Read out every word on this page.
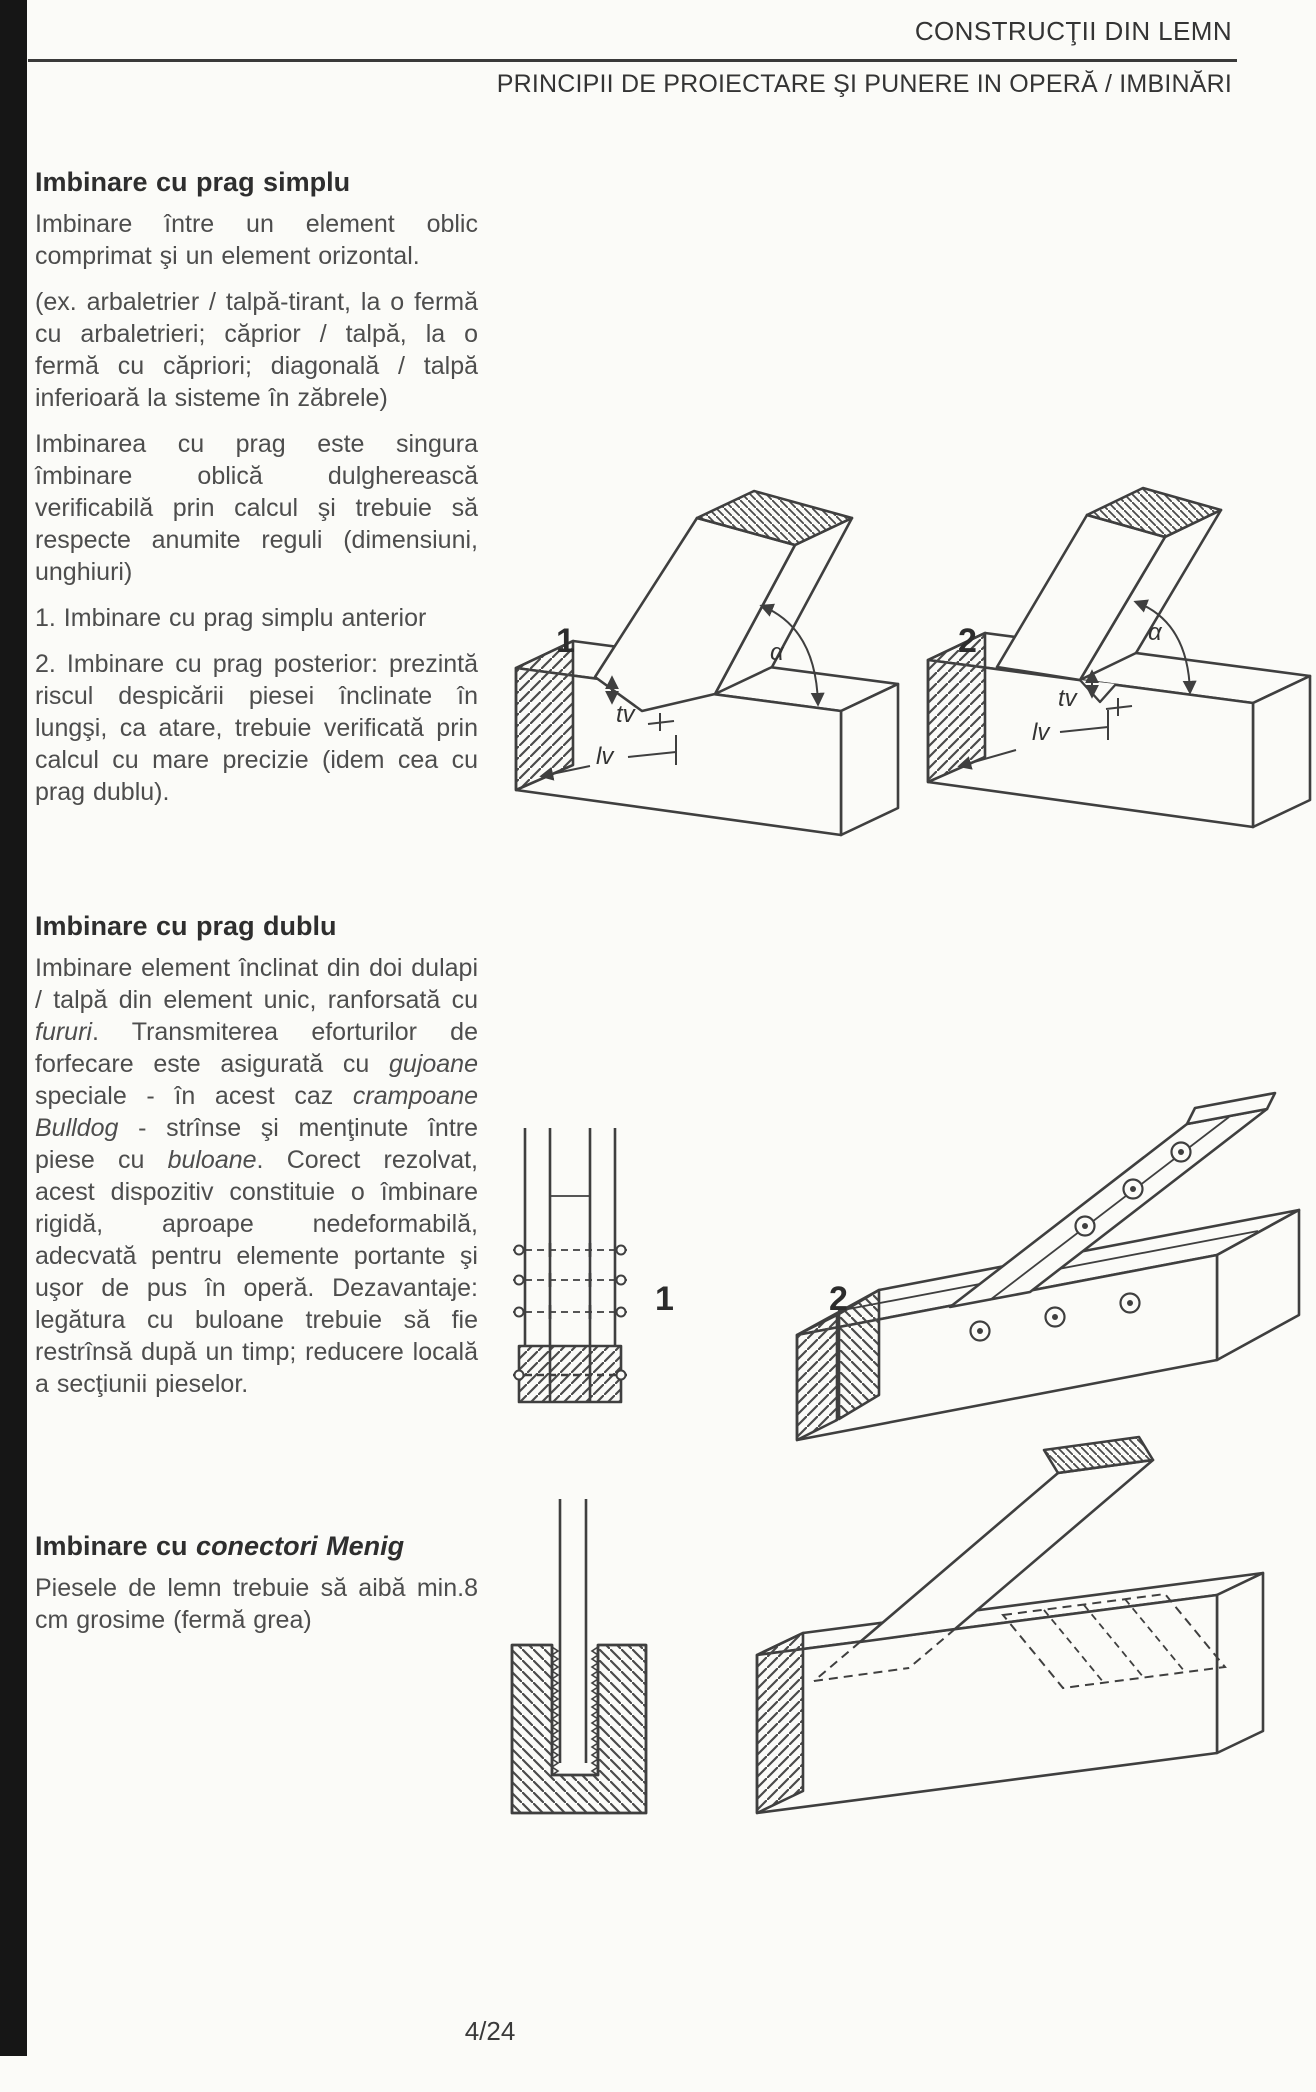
CONSTRUCŢII DIN LEMN
PRINCIPII DE PROIECTARE ŞI PUNERE IN OPERĂ / IMBINĂRI
Imbinare cu prag simplu

Imbinare între un element oblic comprimat şi un element orizontal.

(ex. arbaletrier / talpă-tirant, la o fermă cu arbaletrieri; căprior / talpă, la o fermă cu căpriori; diagonală / talpă inferioară la sisteme în zăbrele)

Imbinarea cu prag este singura îmbinare oblică dulgherească verificabilă prin calcul şi trebuie să respecte anumite reguli (dimensiuni, unghiuri)

1. Imbinare cu prag simplu anterior

2. Imbinare cu prag posterior: prezintă riscul despicării piesei înclinate în lungşi, ca atare, trebuie verificată prin calcul cu mare precizie (idem cea cu prag dublu).

α
tv
lv
1	α
tv
lv
2
Imbinare cu prag dublu

Imbinare element înclinat din doi dulapi / talpă din element unic, ranforsată cu fururi. Transmiterea eforturilor de forfecare este asigurată cu gujoane speciale - în acest caz crampoane Bulldog - strînse şi menţinute între piese cu buloane. Corect rezolvat, acest dispozitiv constituie o îmbinare rigidă, aproape nedeformabilă, adecvată pentru elemente portante şi uşor de pus în operă. Dezavantaje: legătura cu buloane trebuie să fie restrînsă după un timp; reducere locală a secţiunii pieselor.

1	2
Imbinare cu conectori Menig

Piesele de lemn trebuie să aibă min.8 cm grosime (fermă grea)

4/24
